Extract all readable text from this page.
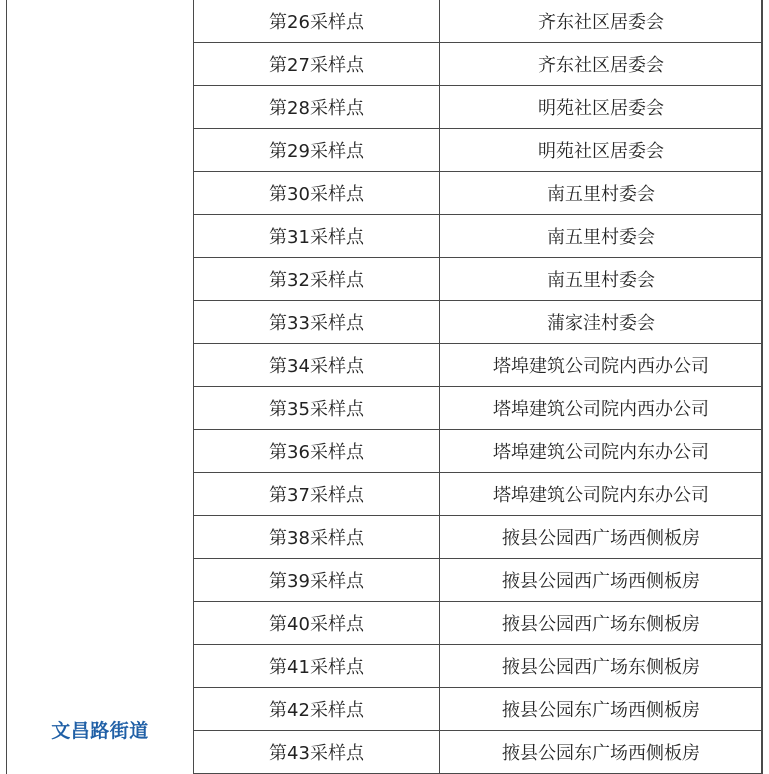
文昌路街道
第26采样点	齐东社区居委会
第27采样点	齐东社区居委会
第28采样点	明苑社区居委会
第29采样点	明苑社区居委会
第30采样点	南五里村委会
第31采样点	南五里村委会
第32采样点	南五里村委会
第33采样点	蒲家洼村委会
第34采样点	塔埠建筑公司院内西办公司
第35采样点	塔埠建筑公司院内西办公司
第36采样点	塔埠建筑公司院内东办公司
第37采样点	塔埠建筑公司院内东办公司
第38采样点	掖县公园西广场西侧板房
第39采样点	掖县公园西广场西侧板房
第40采样点	掖县公园西广场东侧板房
第41采样点	掖县公园西广场东侧板房
第42采样点	掖县公园东广场西侧板房
第43采样点	掖县公园东广场西侧板房
